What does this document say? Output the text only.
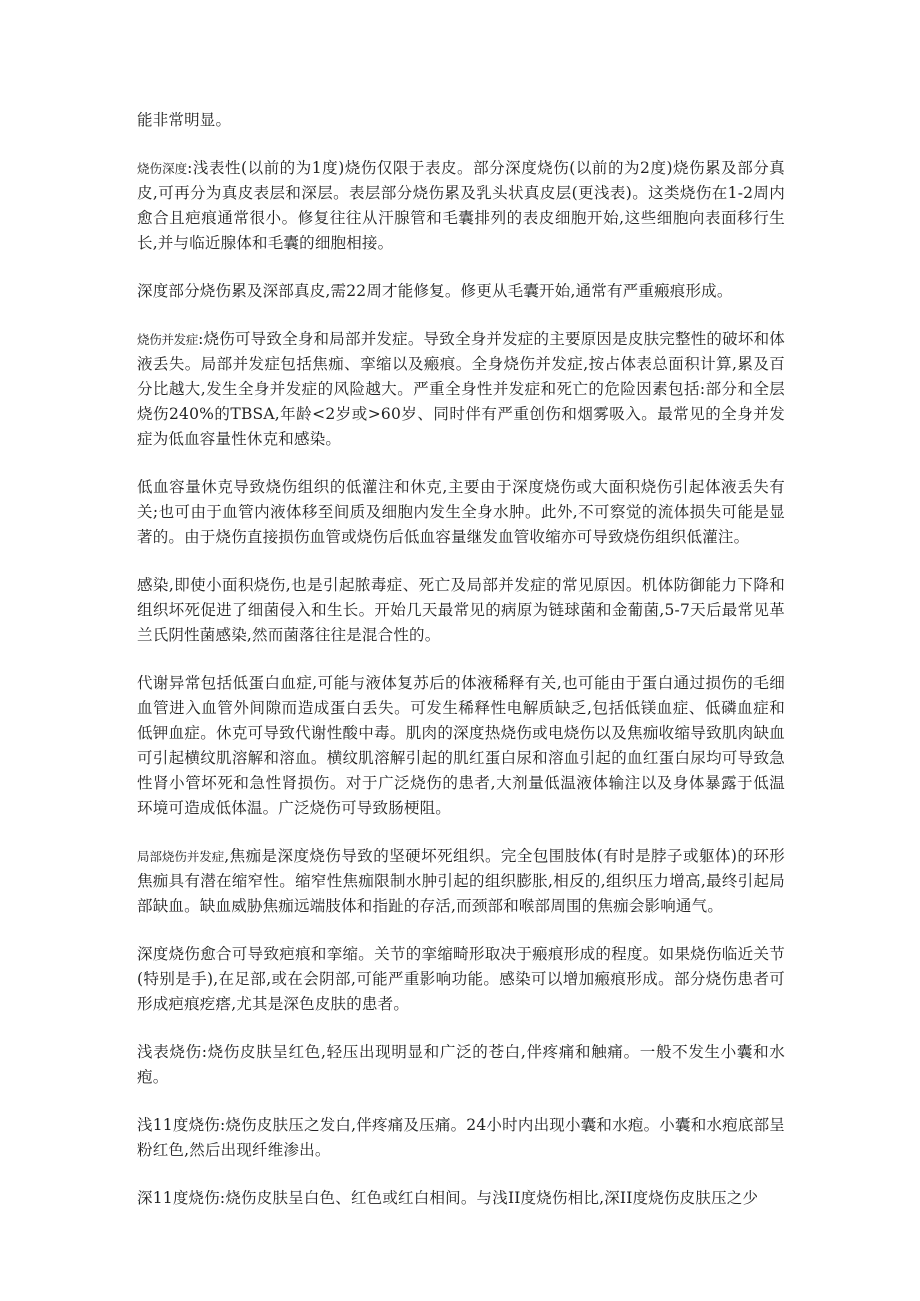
能非常明显。

烧伤深度:浅表性(以前的为1度)烧伤仅限于表皮。部分深度烧伤(以前的为2度)烧伤累及部分真皮,可再分为真皮表层和深层。表层部分烧伤累及乳头状真皮层(更浅表)。这类烧伤在1-2周内愈合且疤痕通常很小。修复往往从汗腺管和毛囊排列的表皮细胞开始,这些细胞向表面移行生长,并与临近腺体和毛囊的细胞相接。

深度部分烧伤累及深部真皮,需22周才能修复。修更从毛囊开始,通常有严重瘢痕形成。

烧伤并发症:烧伤可导致全身和局部并发症。导致全身并发症的主要原因是皮肤完整性的破坏和体液丢失。局部并发症包括焦痂、挛缩以及瘢痕。全身烧伤并发症,按占体表总面积计算,累及百分比越大,发生全身并发症的风险越大。严重全身性并发症和死亡的危险因素包括:部分和全层烧伤240%的TBSA,年龄<2岁或>60岁、同时伴有严重创伤和烟雾吸入。最常见的全身并发症为低血容量性休克和感染。

低血容量休克导致烧伤组织的低灌注和休克,主要由于深度烧伤或大面积烧伤引起体液丢失有关;也可由于血管内液体移至间质及细胞内发生全身水肿。此外,不可察觉的流体损失可能是显著的。由于烧伤直接损伤血管或烧伤后低血容量继发血管收缩亦可导致烧伤组织低灌注。

感染,即使小面积烧伤,也是引起脓毒症、死亡及局部并发症的常见原因。机体防御能力下降和组织坏死促进了细菌侵入和生长。开始几天最常见的病原为链球菌和金葡菌,5-7天后最常见革兰氏阴性菌感染,然而菌落往往是混合性的。

代谢异常包括低蛋白血症,可能与液体复苏后的体液稀释有关,也可能由于蛋白通过损伤的毛细血管进入血管外间隙而造成蛋白丢失。可发生稀释性电解质缺乏,包括低镁血症、低磷血症和低钾血症。休克可导致代谢性酸中毒。肌肉的深度热烧伤或电烧伤以及焦痂收缩导致肌肉缺血可引起横纹肌溶解和溶血。横纹肌溶解引起的肌红蛋白尿和溶血引起的血红蛋白尿均可导致急性肾小管坏死和急性肾损伤。对于广泛烧伤的患者,大剂量低温液体输注以及身体暴露于低温环境可造成低体温。广泛烧伤可导致肠梗阻。

局部烧伤并发症,焦痂是深度烧伤导致的坚硬坏死组织。完全包围肢体(有时是脖子或躯体)的环形焦痂具有潜在缩窄性。缩窄性焦痂限制水肿引起的组织膨胀,相反的,组织压力增高,最终引起局部缺血。缺血威胁焦痂远端肢体和指趾的存活,而颈部和喉部周围的焦痂会影响通气。

深度烧伤愈合可导致疤痕和挛缩。关节的挛缩畸形取决于瘢痕形成的程度。如果烧伤临近关节(特别是手),在足部,或在会阴部,可能严重影响功能。感染可以增加瘢痕形成。部分烧伤患者可形成疤痕疙瘩,尤其是深色皮肤的患者。

浅表烧伤:烧伤皮肤呈红色,轻压出现明显和广泛的苍白,伴疼痛和触痛。一般不发生小囊和水疱。

浅11度烧伤:烧伤皮肤压之发白,伴疼痛及压痛。24小时内出现小囊和水疱。小囊和水疱底部呈粉红色,然后出现纤维渗出。

深11度烧伤:烧伤皮肤呈白色、红色或红白相间。与浅II度烧伤相比,深II度烧伤皮肤压之少
